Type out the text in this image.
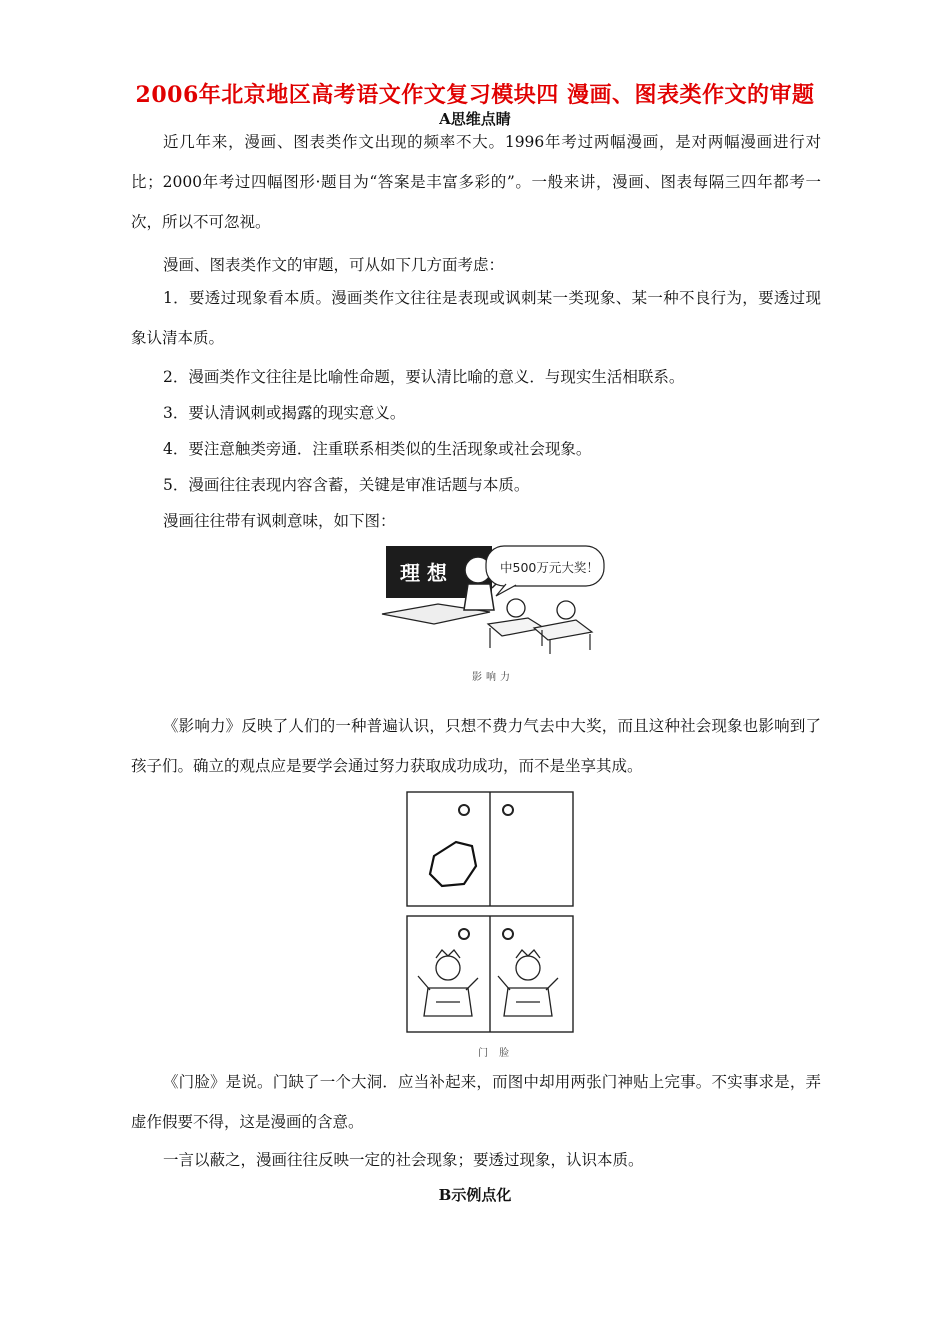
2006年北京地区高考语文作文复习模块四 漫画、图表类作文的审题
A思维点睛
近几年来，漫画、图表类作文出现的频率不大。1996年考过两幅漫画，是对两幅漫画进行对比；2000年考过四幅图形·题目为“答案是丰富多彩的”。一般来讲，漫画、图表每隔三四年都考一次，所以不可忽视。
漫画、图表类作文的审题，可从如下几方面考虑：
1．要透过现象看本质。漫画类作文往往是表现或讽刺某一类现象、某一种不良行为，要透过现象认清本质。
2．漫画类作文往往是比喻性命题，要认清比喻的意义．与现实生活相联系。
3．要认清讽刺或揭露的现实意义。
4．要注意触类旁通．注重联系相类似的生活现象或社会现象。
5．漫画往往表现内容含蓄，关键是审准话题与本质。
漫画往往带有讽刺意味，如下图：
理 想	中500万元大奖！
影响力
《影响力》反映了人们的一种普遍认识，只想不费力气去中大奖，而且这种社会现象也影响到了孩子们。确立的观点应是要学会通过努力获取成功成功，而不是坐享其成。
门 脸
《门脸》是说。门缺了一个大洞．应当补起来，而图中却用两张门神贴上完事。不实事求是，弄虚作假要不得，这是漫画的含意。
一言以蔽之，漫画往往反映一定的社会现象；要透过现象，认识本质。
B示例点化
